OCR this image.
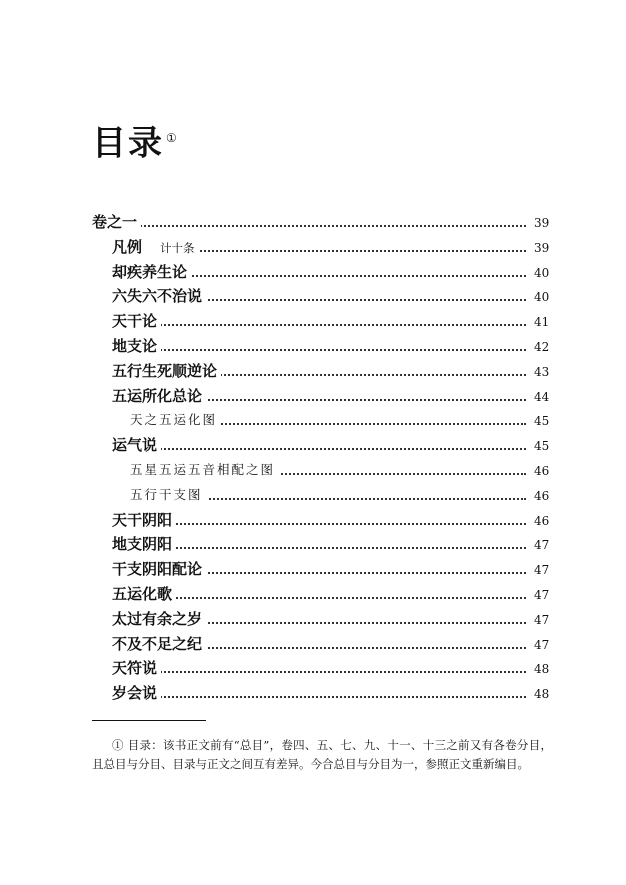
目录 ①
卷之一	39
凡例 计十条	39
却疾养生论	40
六失六不治说	40
天干论	41
地支论	42
五行生死顺逆论	43
五运所化总论	44
天之五运化图	45
运气说	45
五星五运五音相配之图	46
五行干支图	46
天干阴阳	46
地支阴阳	47
干支阴阳配论	47
五运化歌	47
太过有余之岁	47
不及不足之纪	47
天符说	48
岁会说	48
① 目录：该书正文前有“总目”，卷四、五、七、九、十一、十三之前又有各卷分目，且总目与分目、目录与正文之间互有差异。今合总目与分目为一，参照正文重新编目。
